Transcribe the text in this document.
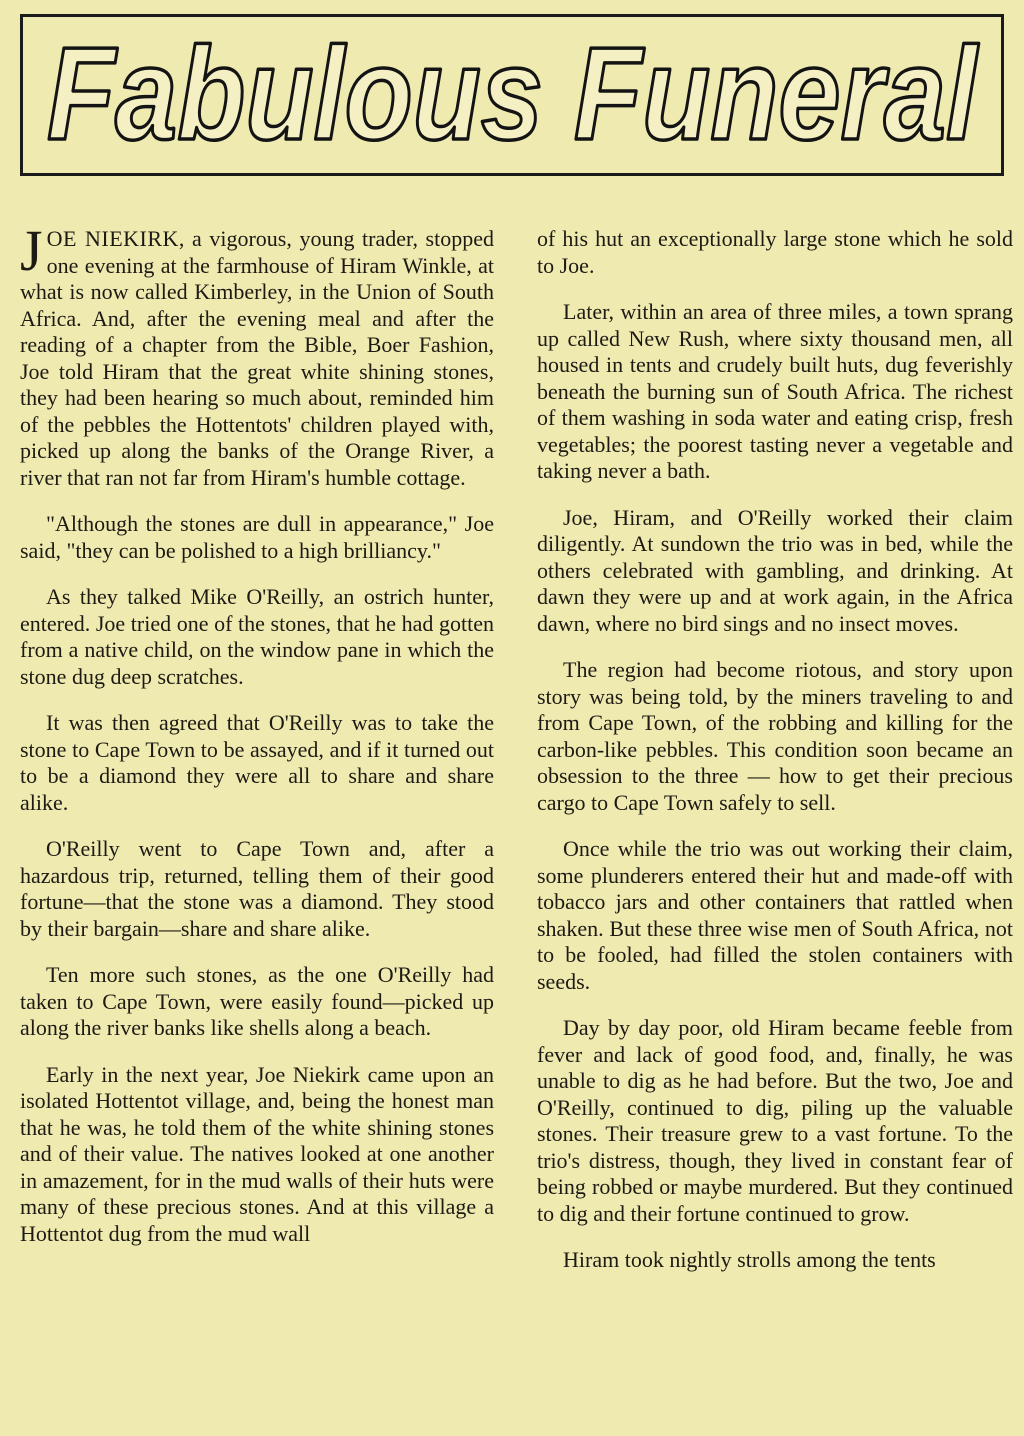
Fabulous Funeral

JOE NIEKIRK, a vigorous, young trader, stopped one evening at the farmhouse of Hiram Winkle, at what is now called Kimberley, in the Union of South Africa. And, after the evening meal and after the reading of a chapter from the Bible, Boer Fashion, Joe told Hiram that the great white shining stones, they had been hearing so much about, reminded him of the pebbles the Hottentots' children played with, picked up along the banks of the Orange River, a river that ran not far from Hiram's humble cottage.

"Although the stones are dull in appearance," Joe said, "they can be polished to a high brilliancy."

As they talked Mike O'Reilly, an ostrich hunter, entered. Joe tried one of the stones, that he had gotten from a native child, on the window pane in which the stone dug deep scratches.

It was then agreed that O'Reilly was to take the stone to Cape Town to be assayed, and if it turned out to be a diamond they were all to share and share alike.

O'Reilly went to Cape Town and, after a hazardous trip, returned, telling them of their good fortune—that the stone was a diamond. They stood by their bargain—share and share alike.

Ten more such stones, as the one O'Reilly had taken to Cape Town, were easily found—picked up along the river banks like shells along a beach.

Early in the next year, Joe Niekirk came upon an isolated Hottentot village, and, being the honest man that he was, he told them of the white shining stones and of their value. The natives looked at one another in amazement, for in the mud walls of their huts were many of these precious stones. And at this village a Hottentot dug from the mud wall

of his hut an exceptionally large stone which he sold to Joe.

Later, within an area of three miles, a town sprang up called New Rush, where sixty thousand men, all housed in tents and crudely built huts, dug feverishly beneath the burning sun of South Africa. The richest of them washing in soda water and eating crisp, fresh vegetables; the poorest tasting never a vegetable and taking never a bath.

Joe, Hiram, and O'Reilly worked their claim diligently. At sundown the trio was in bed, while the others celebrated with gambling, and drinking. At dawn they were up and at work again, in the Africa dawn, where no bird sings and no insect moves.

The region had become riotous, and story upon story was being told, by the miners traveling to and from Cape Town, of the robbing and killing for the carbon-like pebbles. This condition soon became an obsession to the three — how to get their precious cargo to Cape Town safely to sell.

Once while the trio was out working their claim, some plunderers entered their hut and made-off with tobacco jars and other containers that rattled when shaken. But these three wise men of South Africa, not to be fooled, had filled the stolen containers with seeds.

Day by day poor, old Hiram became feeble from fever and lack of good food, and, finally, he was unable to dig as he had before. But the two, Joe and O'Reilly, continued to dig, piling up the valuable stones. Their treasure grew to a vast fortune. To the trio's distress, though, they lived in constant fear of being robbed or maybe murdered. But they continued to dig and their fortune continued to grow.

Hiram took nightly strolls among the tents
